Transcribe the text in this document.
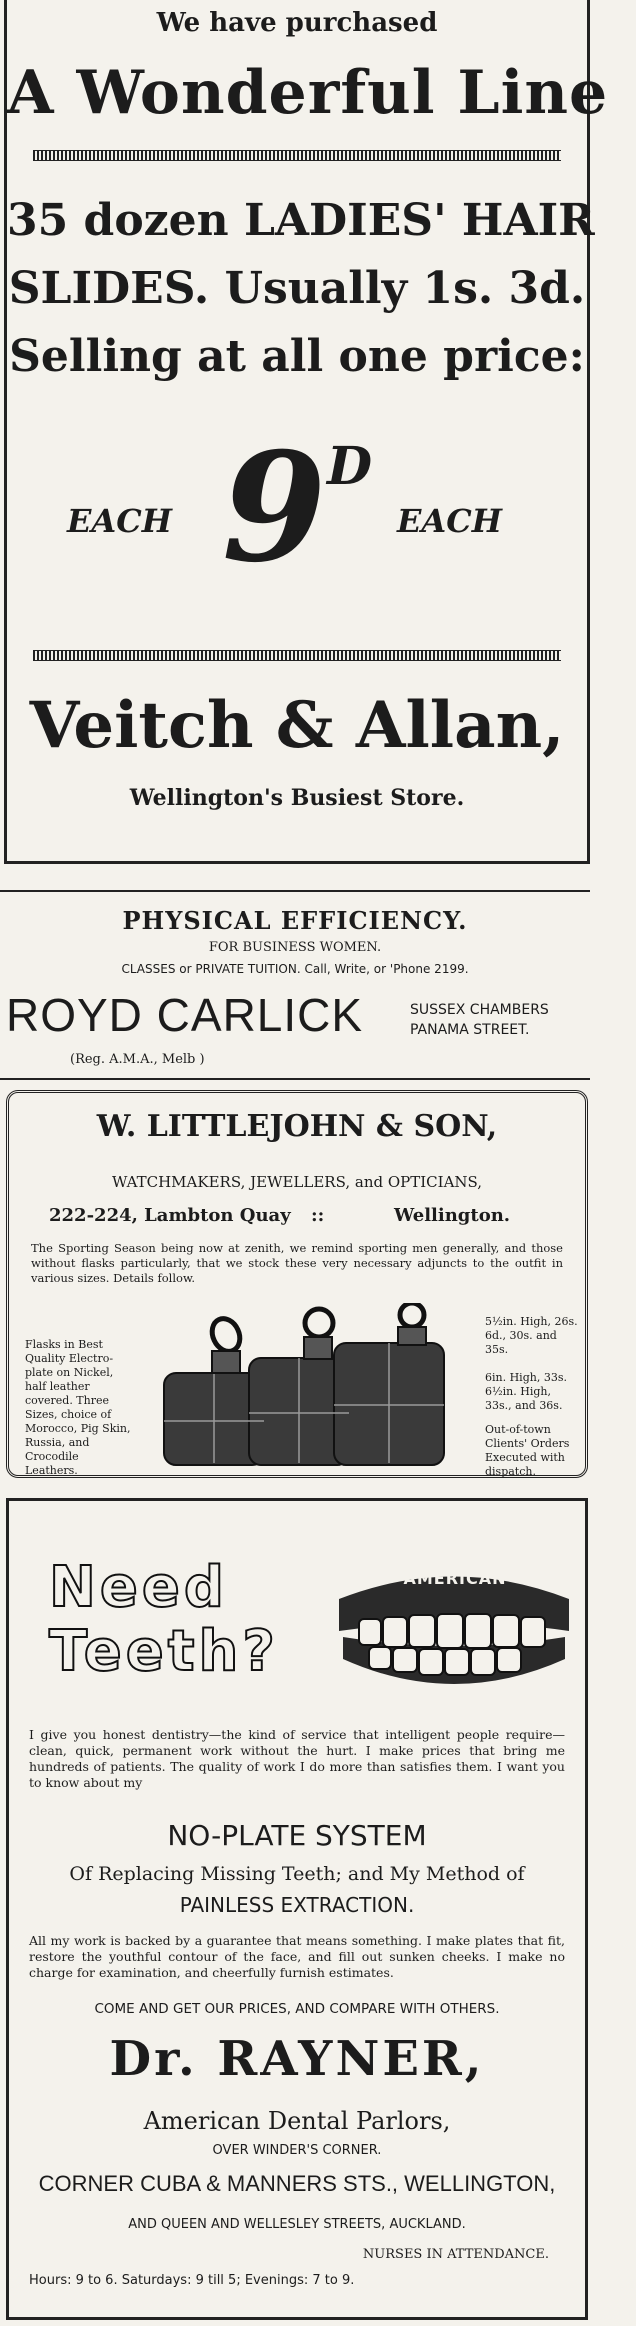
We have purchased
A Wonderful Line
35 dozen LADIES' HAIR
SLIDES. Usually 1s. 3d.
Selling at all one price:
EACH 9 D
EACH
Veitch & Allan,
Wellington's Busiest Store.
PHYSICAL EFFICIENCY.
FOR BUSINESS WOMEN.
CLASSES or PRIVATE TUITION. Call, Write, or 'Phone 2199.
ROYD CARLICK	SUSSEX CHAMBERS
PANAMA STREET.
(Reg. A.M.A., Melb )
W. LITTLEJOHN & SON,
WATCHMAKERS, JEWELLERS, and OPTICIANS,
222-224, Lambton Quay ::	Wellington.

The Sporting Season being now at zenith, we remind sporting men generally, and those without flasks particularly, that we stock these very necessary adjuncts to the outfit in various sizes. Details follow.

Flasks in Best Quality Electro-plate on Nickel, half leather covered. Three Sizes, choice of Morocco, Pig Skin, Russia, and Crocodile Leathers.

5½in. High, 26s. 6d., 30s. and 35s.

6in. High, 33s. 6½in. High, 33s., and 36s.

Out-of-town Clients' Orders Executed with dispatch.

Need
Teeth?
AMERICAN

I give you honest dentistry—the kind of service that intelligent people require—clean, quick, permanent work without the hurt. I make prices that bring me hundreds of patients. The quality of work I do more than satisfies them. I want you to know about my

NO-PLATE SYSTEM
Of Replacing Missing Teeth; and My Method of
PAINLESS EXTRACTION.

All my work is backed by a guarantee that means something. I make plates that fit, restore the youthful contour of the face, and fill out sunken cheeks. I make no charge for examination, and cheerfully furnish estimates.

COME AND GET OUR PRICES, AND COMPARE WITH OTHERS.
Dr. RAYNER,
American Dental Parlors,
OVER WINDER'S CORNER.
CORNER CUBA & MANNERS STS., WELLINGTON,
AND QUEEN AND WELLESLEY STREETS, AUCKLAND.
NURSES IN ATTENDANCE.
Hours: 9 to 6. Saturdays: 9 till 5; Evenings: 7 to 9.
